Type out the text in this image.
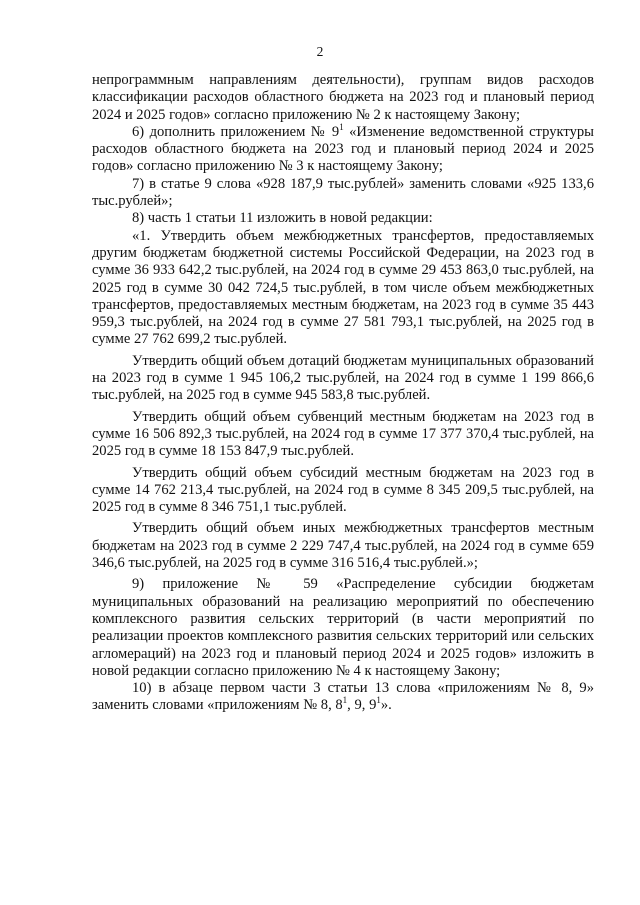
2

непрограммным направлениям деятельности), группам видов расходов классификации расходов областного бюджета на 2023 год и плановый период 2024 и 2025 годов» согласно приложению № 2 к настоящему Закону;

6) дополнить приложением № $9^1$ «Изменение ведомственной структуры расходов областного бюджета на 2023 год и плановый период 2024 и 2025 годов» согласно приложению № 3 к настоящему Закону;

7) в статье 9 слова «928 187,9 тыс.рублей» заменить словами «925 133,6 тыс.рублей»;

8) часть 1 статьи 11 изложить в новой редакции:

«1. Утвердить объем межбюджетных трансфертов, предоставляемых другим бюджетам бюджетной системы Российской Федерации, на 2023 год в сумме 36 933 642,2 тыс.рублей, на 2024 год в сумме 29 453 863,0 тыс.рублей, на 2025 год в сумме 30 042 724,5 тыс.рублей, в том числе объем межбюджетных трансфертов, предоставляемых местным бюджетам, на 2023 год в сумме 35 443 959,3 тыс.рублей, на 2024 год в сумме 27 581 793,1 тыс.рублей, на 2025 год в сумме 27 762 699,2 тыс.рублей.

Утвердить общий объем дотаций бюджетам муниципальных образований на 2023 год в сумме 1 945 106,2 тыс.рублей, на 2024 год в сумме 1 199 866,6 тыс.рублей, на 2025 год в сумме 945 583,8 тыс.рублей.

Утвердить общий объем субвенций местным бюджетам на 2023 год в сумме 16 506 892,3 тыс.рублей, на 2024 год в сумме 17 377 370,4 тыс.рублей, на 2025 год в сумме 18 153 847,9 тыс.рублей.

Утвердить общий объем субсидий местным бюджетам на 2023 год в сумме 14 762 213,4 тыс.рублей, на 2024 год в сумме 8 345 209,5 тыс.рублей, на 2025 год в сумме 8 346 751,1 тыс.рублей.

Утвердить общий объем иных межбюджетных трансфертов местным бюджетам на 2023 год в сумме 2 229 747,4 тыс.рублей, на 2024 год в сумме 659 346,6 тыс.рублей, на 2025 год в сумме 316 516,4 тыс.рублей.»;

9) приложение № 59 «Распределение субсидии бюджетам муниципальных образований на реализацию мероприятий по обеспечению комплексного развития сельских территорий (в части мероприятий по реализации проектов комплексного развития сельских территорий или сельских агломераций) на 2023 год и плановый период 2024 и 2025 годов» изложить в новой редакции согласно приложению № 4 к настоящему Закону;

10) в абзаце первом части 3 статьи 13 слова «приложениям № 8, 9» заменить словами «приложениям № 8, $8^1$, 9, $9^1$».
